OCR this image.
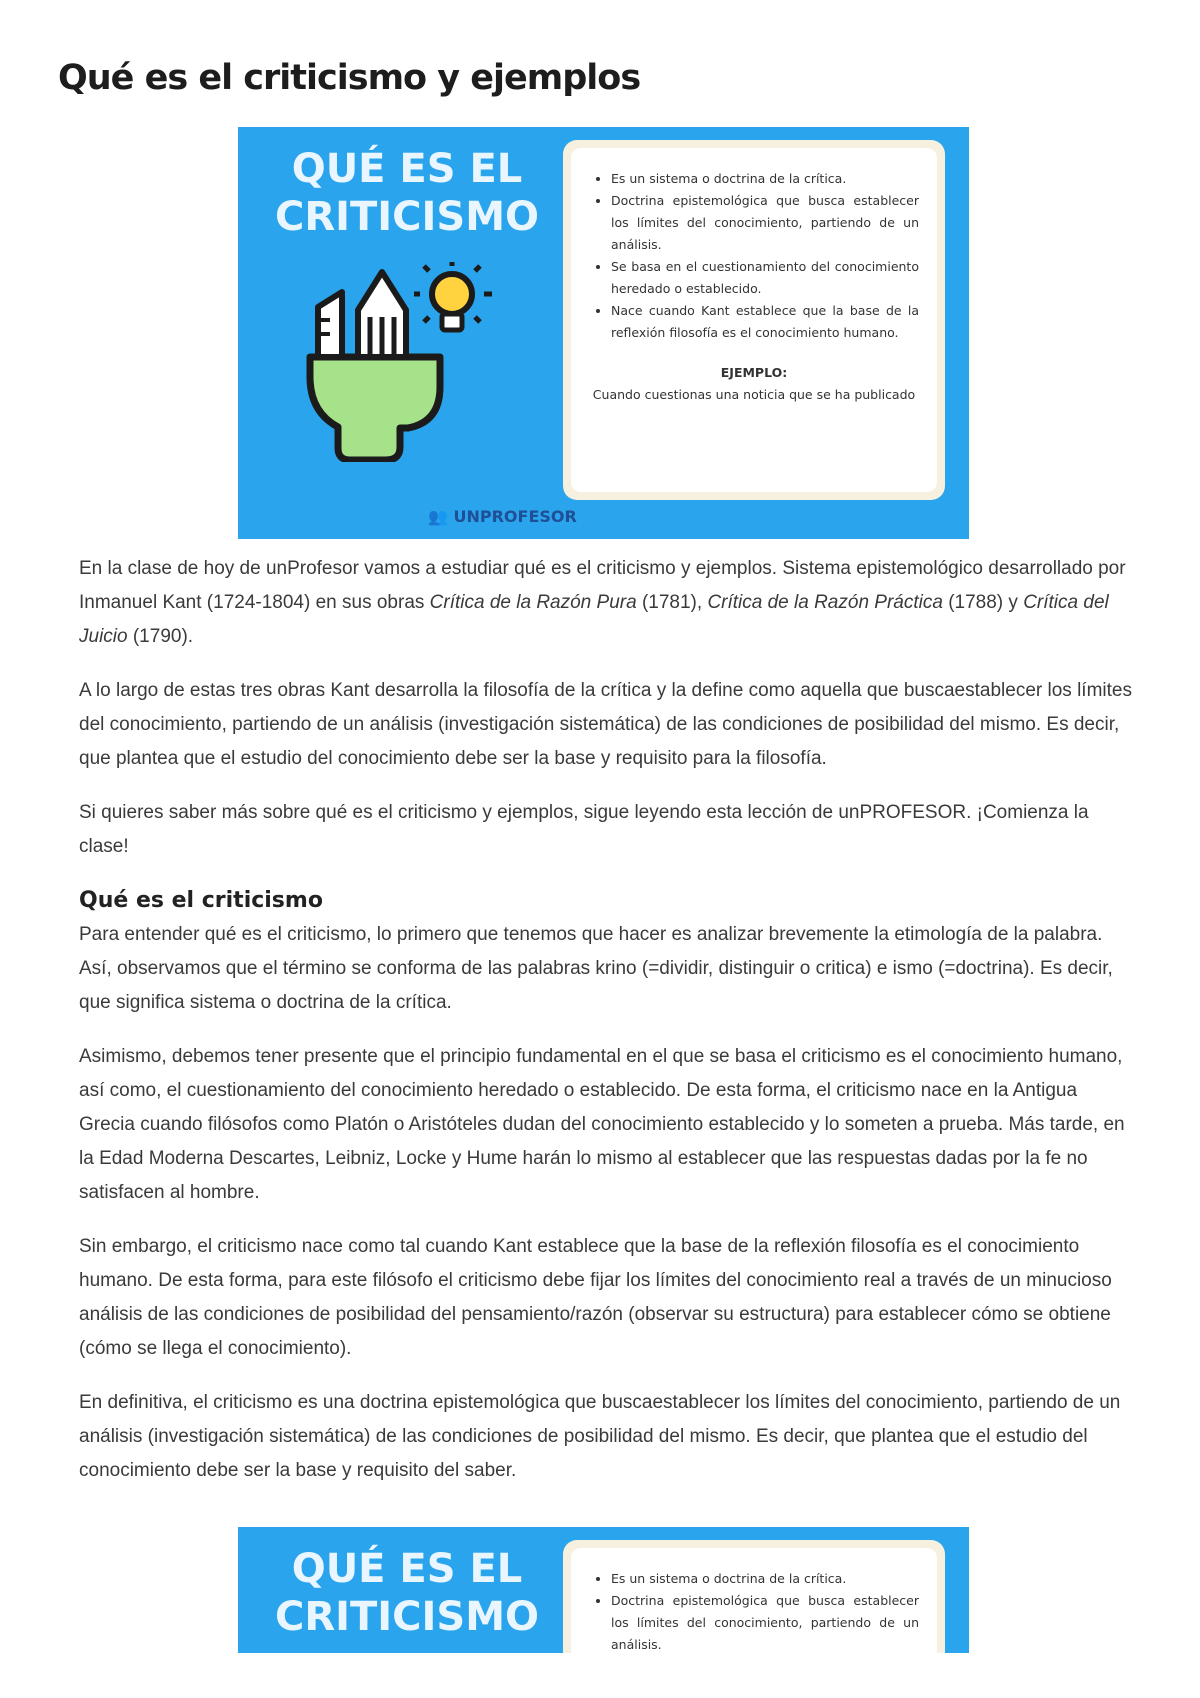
Qué es el criticismo y ejemplos
QUÉ ES EL
CRITICISMO
• Es un sistema o doctrina de la crítica.
• Doctrina epistemológica que busca establecer los límites del conocimiento, partiendo de un análisis.
• Se basa en el cuestionamiento del conocimiento heredado o establecido.
• Nace cuando Kant establece que la base de la reflexión filosofía es el conocimiento humano.
EJEMPLO:
Cuando cuestionas una noticia que se ha publicado
👥 UNPROFESOR

En la clase de hoy de unProfesor vamos a estudiar qué es el criticismo y ejemplos. Sistema epistemológico desarrollado por Inmanuel Kant (1724-1804) en sus obras Crítica de la Razón Pura (1781), Crítica de la Razón Práctica (1788) y Crítica del Juicio (1790).

A lo largo de estas tres obras Kant desarrolla la filosofía de la crítica y la define como aquella que buscaestablecer los límites del conocimiento, partiendo de un análisis (investigación sistemática) de las condiciones de posibilidad del mismo. Es decir, que plantea que el estudio del conocimiento debe ser la base y requisito para la filosofía.

Si quieres saber más sobre qué es el criticismo y ejemplos, sigue leyendo esta lección de unPROFESOR. ¡Comienza la clase!

Qué es el criticismo

Para entender qué es el criticismo, lo primero que tenemos que hacer es analizar brevemente la etimología de la palabra. Así, observamos que el término se conforma de las palabras krino (=dividir, distinguir o critica) e ismo (=doctrina). Es decir, que significa sistema o doctrina de la crítica.

Asimismo, debemos tener presente que el principio fundamental en el que se basa el criticismo es el conocimiento humano, así como, el cuestionamiento del conocimiento heredado o establecido. De esta forma, el criticismo nace en la Antigua Grecia cuando filósofos como Platón o Aristóteles dudan del conocimiento establecido y lo someten a prueba. Más tarde, en la Edad Moderna Descartes, Leibniz, Locke y Hume harán lo mismo al establecer que las respuestas dadas por la fe no satisfacen al hombre.

Sin embargo, el criticismo nace como tal cuando Kant establece que la base de la reflexión filosofía es el conocimiento humano. De esta forma, para este filósofo el criticismo debe fijar los límites del conocimiento real a través de un minucioso análisis de las condiciones de posibilidad del pensamiento/razón (observar su estructura) para establecer cómo se obtiene (cómo se llega el conocimiento).

En definitiva, el criticismo es una doctrina epistemológica que buscaestablecer los límites del conocimiento, partiendo de un análisis (investigación sistemática) de las condiciones de posibilidad del mismo. Es decir, que plantea que el estudio del conocimiento debe ser la base y requisito del saber.

QUÉ ES EL
CRITICISMO
• Es un sistema o doctrina de la crítica.
• Doctrina epistemológica que busca establecer los límites del conocimiento, partiendo de un análisis.
